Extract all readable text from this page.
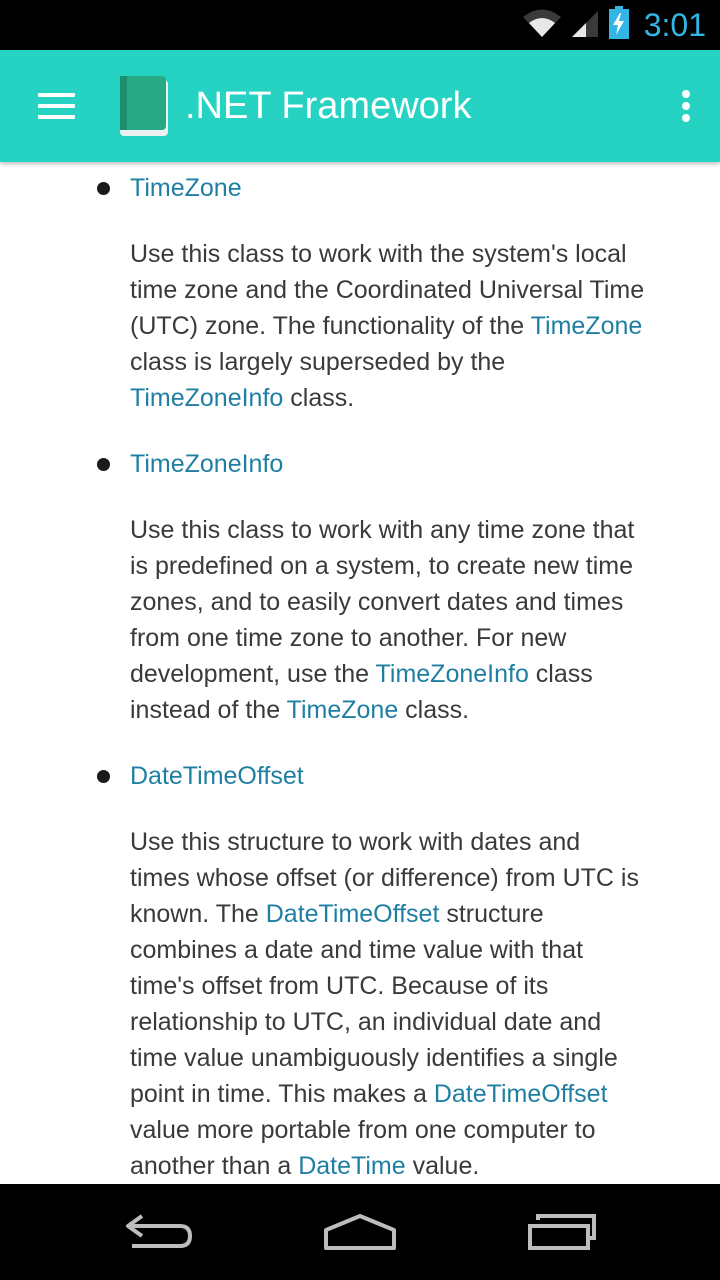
3:01
.NET Framework
TimeZone
Use this class to work with the system's local
time zone and the Coordinated Universal Time
(UTC) zone. The functionality of the TimeZone
class is largely superseded by the
TimeZoneInfo class.
TimeZoneInfo
Use this class to work with any time zone that
is predefined on a system, to create new time
zones, and to easily convert dates and times
from one time zone to another. For new
development, use the TimeZoneInfo class
instead of the TimeZone class.
DateTimeOffset
Use this structure to work with dates and
times whose offset (or difference) from UTC is
known. The DateTimeOffset structure
combines a date and time value with that
time's offset from UTC. Because of its
relationship to UTC, an individual date and
time value unambiguously identifies a single
point in time. This makes a DateTimeOffset
value more portable from one computer to
another than a DateTime value.
